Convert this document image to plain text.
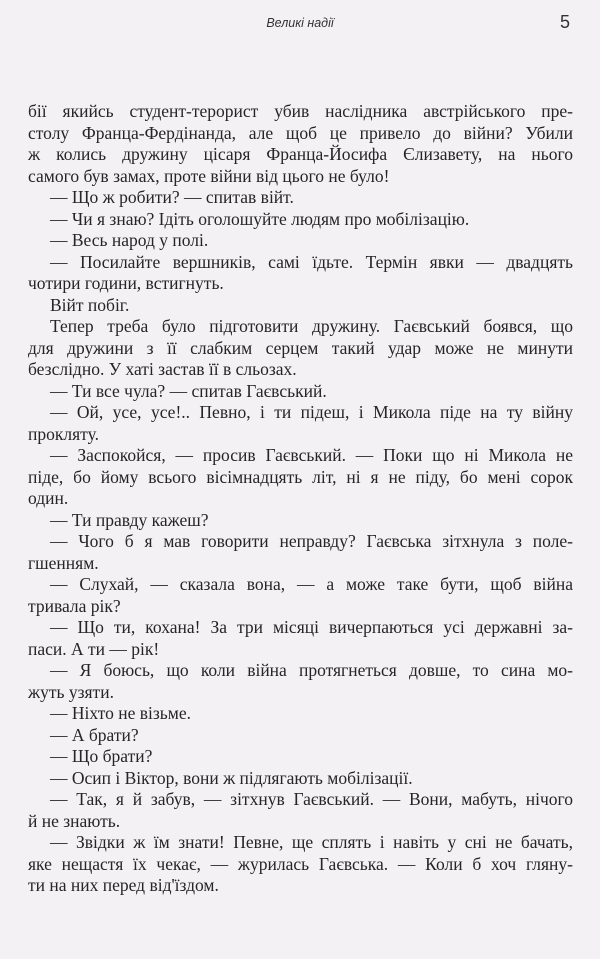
Великі надії	5
бії якийсь студент-терорист убив наслідника австрійського пре-
столу Франца-Фердінанда, але щоб це привело до війни? Убили
ж колись дружину цісаря Франца-Йосифа Єлизавету, на нього
самого був замах, проте війни від цього не було!
— Що ж робити? — спитав війт.
— Чи я знаю? Ідіть оголошуйте людям про мобілізацію.
— Весь народ у полі.
— Посилайте вершників, самі їдьте. Термін явки — двадцять
чотири години, встигнуть.
Війт побіг.
Тепер треба було підготовити дружину. Гаєвський боявся, що
для дружини з її слабким серцем такий удар може не минути
безслідно. У хаті застав її в сльозах.
— Ти все чула? — спитав Гаєвський.
— Ой, усе, усе!.. Певно, і ти підеш, і Микола піде на ту війну
прокляту.
— Заспокойся, — просив Гаєвський. — Поки що ні Микола не
піде, бо йому всього вісімнадцять літ, ні я не піду, бо мені сорок
один.
— Ти правду кажеш?
— Чого б я мав говорити неправду? Гаєвська зітхнула з поле-
гшенням.
— Слухай, — сказала вона, — а може таке бути, щоб війна
тривала рік?
— Що ти, кохана! За три місяці вичерпаються усі державні за-
паси. А ти — рік!
— Я боюсь, що коли війна протягнеться довше, то сина мо-
жуть узяти.
— Ніхто не візьме.
— А брати?
— Що брати?
— Осип і Віктор, вони ж підлягають мобілізації.
— Так, я й забув, — зітхнув Гаєвський. — Вони, мабуть, нічого
й не знають.
— Звідки ж їм знати! Певне, ще сплять і навіть у сні не бачать,
яке нещастя їх чекає, — журилась Гаєвська. — Коли б хоч гляну-
ти на них перед від'їздом.
